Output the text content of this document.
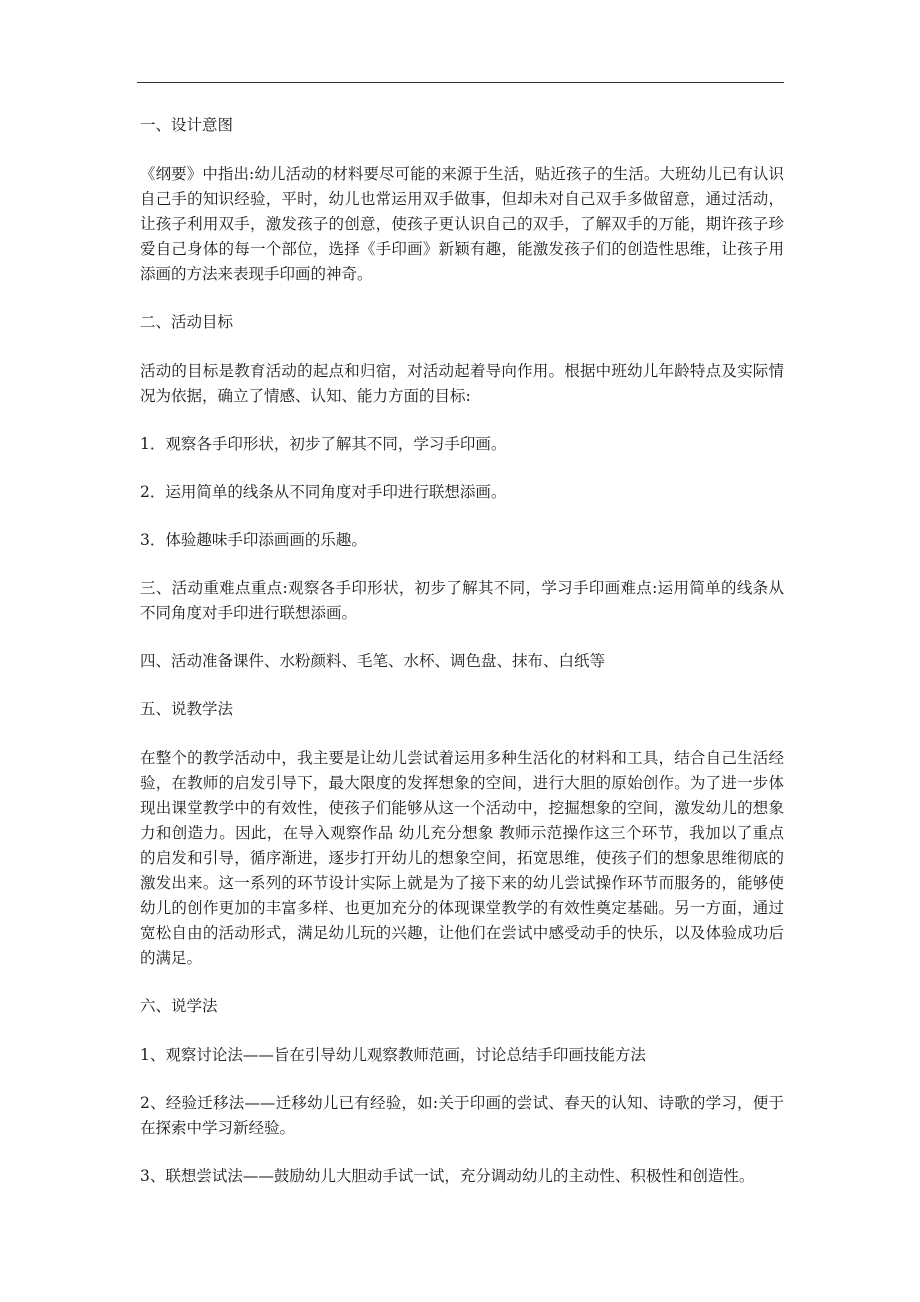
一、设计意图

《纲要》中指出:幼儿活动的材料要尽可能的来源于生活，贴近孩子的生活。大班幼儿已有认识自己手的知识经验，平时，幼儿也常运用双手做事，但却未对自己双手多做留意，通过活动，让孩子利用双手，激发孩子的创意，使孩子更认识自己的双手，了解双手的万能，期许孩子珍爱自己身体的每一个部位，选择《手印画》新颖有趣，能激发孩子们的创造性思维，让孩子用添画的方法来表现手印画的神奇。

二、活动目标

活动的目标是教育活动的起点和归宿，对活动起着导向作用。根据中班幼儿年龄特点及实际情况为依据，确立了情感、认知、能力方面的目标:

1．观察各手印形状，初步了解其不同，学习手印画。

2．运用简单的线条从不同角度对手印进行联想添画。

3．体验趣味手印添画画的乐趣。

三、活动重难点重点:观察各手印形状，初步了解其不同，学习手印画难点:运用简单的线条从不同角度对手印进行联想添画。

四、活动准备课件、水粉颜料、毛笔、水杯、调色盘、抹布、白纸等

五、说教学法

在整个的教学活动中，我主要是让幼儿尝试着运用多种生活化的材料和工具，结合自己生活经验，在教师的启发引导下，最大限度的发挥想象的空间，进行大胆的原始创作。为了进一步体现出课堂教学中的有效性，使孩子们能够从这一个活动中，挖掘想象的空间，激发幼儿的想象力和创造力。因此，在导入观察作品 幼儿充分想象 教师示范操作这三个环节，我加以了重点的启发和引导，循序渐进，逐步打开幼儿的想象空间，拓宽思维，使孩子们的想象思维彻底的激发出来。这一系列的环节设计实际上就是为了接下来的幼儿尝试操作环节而服务的，能够使幼儿的创作更加的丰富多样、也更加充分的体现课堂教学的有效性奠定基础。另一方面，通过宽松自由的活动形式，满足幼儿玩的兴趣，让他们在尝试中感受动手的快乐，以及体验成功后的满足。

六、说学法

1、观察讨论法——旨在引导幼儿观察教师范画，讨论总结手印画技能方法

2、经验迁移法——迁移幼儿已有经验，如:关于印画的尝试、春天的认知、诗歌的学习，便于在探索中学习新经验。

3、联想尝试法——鼓励幼儿大胆动手试一试，充分调动幼儿的主动性、积极性和创造性。
